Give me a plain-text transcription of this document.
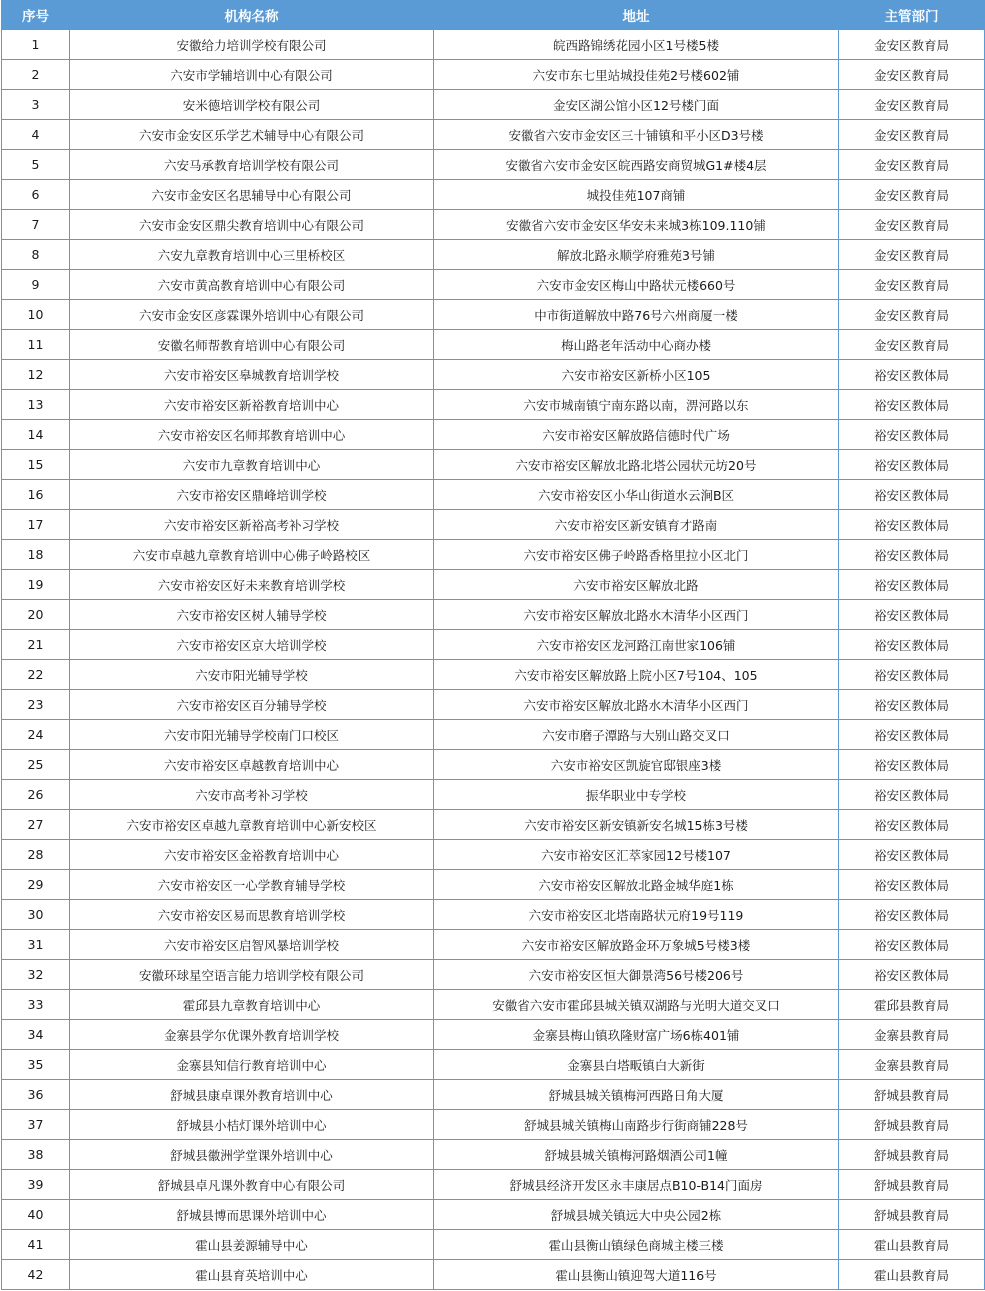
序号	机构名称	地址	主管部门
1	安徽给力培训学校有限公司	皖西路锦绣花园小区1号楼5楼	金安区教育局
2	六安市学辅培训中心有限公司	六安市东七里站城投佳苑2号楼602铺	金安区教育局
3	安米德培训学校有限公司	金安区湖公馆小区12号楼门面	金安区教育局
4	六安市金安区乐学艺术辅导中心有限公司	安徽省六安市金安区三十铺镇和平小区D3号楼	金安区教育局
5	六安马承教育培训学校有限公司	安徽省六安市金安区皖西路安商贸城G1#楼4层	金安区教育局
6	六安市金安区名思辅导中心有限公司	城投佳苑107商铺	金安区教育局
7	六安市金安区鼎尖教育培训中心有限公司	安徽省六安市金安区华安未来城3栋109.110铺	金安区教育局
8	六安九章教育培训中心三里桥校区	解放北路永顺学府雅苑3号铺	金安区教育局
9	六安市黄高教育培训中心有限公司	六安市金安区梅山中路状元楼660号	金安区教育局
10	六安市金安区彦霖课外培训中心有限公司	中市街道解放中路76号六州商厦一楼	金安区教育局
11	安徽名师帮教育培训中心有限公司	梅山路老年活动中心商办楼	金安区教育局
12	六安市裕安区皋城教育培训学校	六安市裕安区新桥小区105	裕安区教体局
13	六安市裕安区新裕教育培训中心	六安市城南镇宁南东路以南，淠河路以东	裕安区教体局
14	六安市裕安区名师邦教育培训中心	六安市裕安区解放路信德时代广场	裕安区教体局
15	六安市九章教育培训中心	六安市裕安区解放北路北塔公园状元坊20号	裕安区教体局
16	六安市裕安区鼎峰培训学校	六安市裕安区小华山街道水云涧B区	裕安区教体局
17	六安市裕安区新裕高考补习学校	六安市裕安区新安镇育才路南	裕安区教体局
18	六安市卓越九章教育培训中心佛子岭路校区	六安市裕安区佛子岭路香格里拉小区北门	裕安区教体局
19	六安市裕安区好未来教育培训学校	六安市裕安区解放北路	裕安区教体局
20	六安市裕安区树人辅导学校	六安市裕安区解放北路水木清华小区西门	裕安区教体局
21	六安市裕安区京大培训学校	六安市裕安区龙河路江南世家106铺	裕安区教体局
22	六安市阳光辅导学校	六安市裕安区解放路上院小区7号104、105	裕安区教体局
23	六安市裕安区百分辅导学校	六安市裕安区解放北路水木清华小区西门	裕安区教体局
24	六安市阳光辅导学校南门口校区	六安市磨子潭路与大别山路交叉口	裕安区教体局
25	六安市裕安区卓越教育培训中心	六安市裕安区凯旋官邸银座3楼	裕安区教体局
26	六安市高考补习学校	振华职业中专学校	裕安区教体局
27	六安市裕安区卓越九章教育培训中心新安校区	六安市裕安区新安镇新安名城15栋3号楼	裕安区教体局
28	六安市裕安区金裕教育培训中心	六安市裕安区汇萃家园12号楼107	裕安区教体局
29	六安市裕安区一心学教育辅导学校	六安市裕安区解放北路金城华庭1栋	裕安区教体局
30	六安市裕安区易而思教育培训学校	六安市裕安区北塔南路状元府19号119	裕安区教体局
31	六安市裕安区启智风暴培训学校	六安市裕安区解放路金环万象城5号楼3楼	裕安区教体局
32	安徽环球星空语言能力培训学校有限公司	六安市裕安区恒大御景湾56号楼206号	裕安区教体局
33	霍邱县九章教育培训中心	安徽省六安市霍邱县城关镇双湖路与光明大道交叉口	霍邱县教育局
34	金寨县学尔优课外教育培训学校	金寨县梅山镇玖隆财富广场6栋401铺	金寨县教育局
35	金寨县知信行教育培训中心	金寨县白塔畈镇白大新街	金寨县教育局
36	舒城县康卓课外教育培训中心	舒城县城关镇梅河西路日角大厦	舒城县教育局
37	舒城县小桔灯课外培训中心	舒城县城关镇梅山南路步行街商铺228号	舒城县教育局
38	舒城县徽洲学堂课外培训中心	舒城县城关镇梅河路烟酒公司1幢	舒城县教育局
39	舒城县卓凡课外教育中心有限公司	舒城县经济开发区永丰康居点B10-B14门面房	舒城县教育局
40	舒城县博而思课外培训中心	舒城县城关镇远大中央公园2栋	舒城县教育局
41	霍山县姜源辅导中心	霍山县衡山镇绿色商城主楼三楼	霍山县教育局
42	霍山县育英培训中心	霍山县衡山镇迎驾大道116号	霍山县教育局
